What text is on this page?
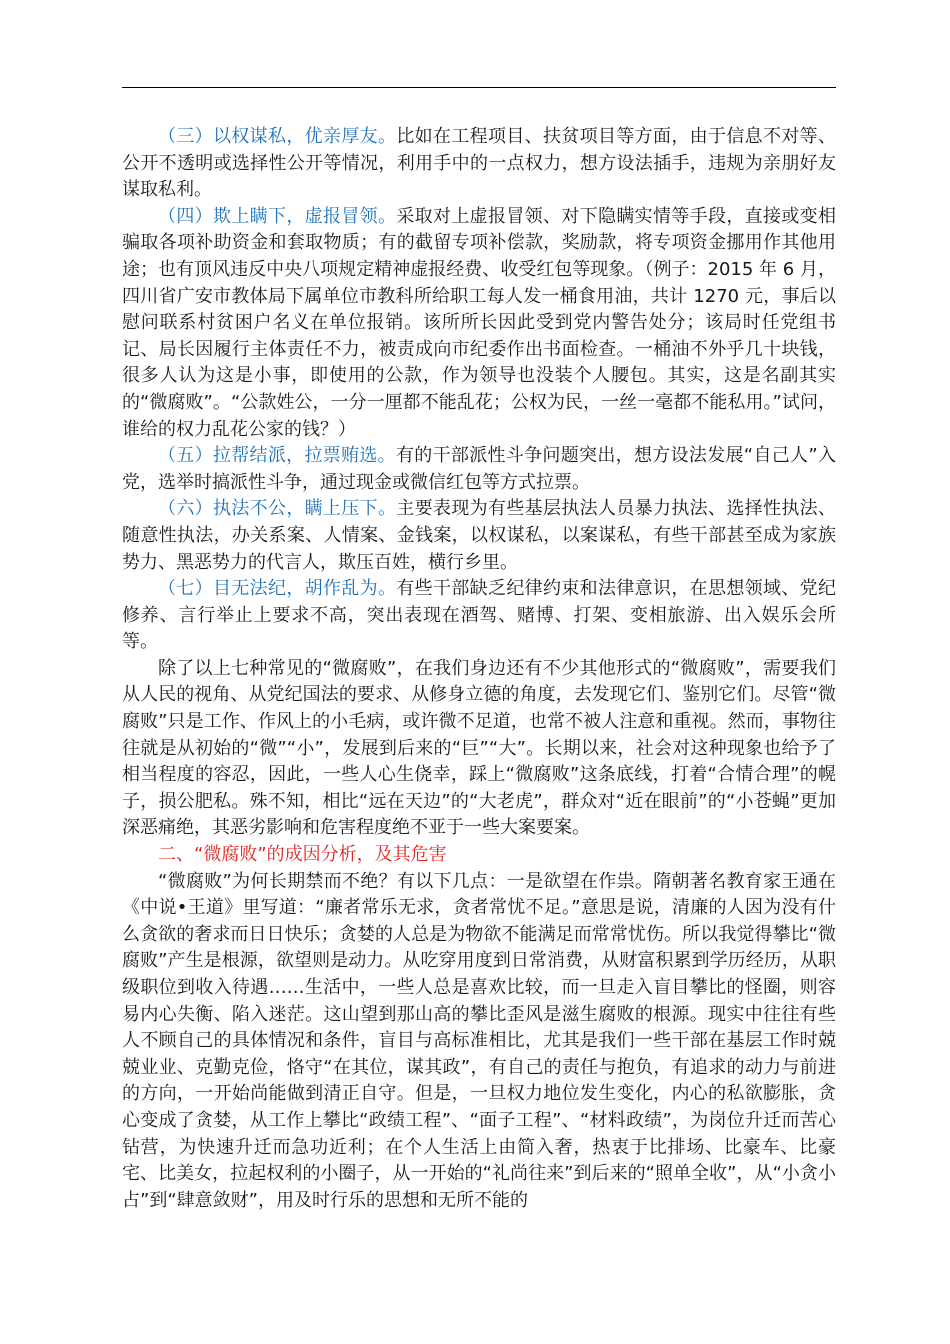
（三）以权谋私，优亲厚友。比如在工程项目、扶贫项目等方面，由于信息不对等、公开不透明或选择性公开等情况，利用手中的一点权力，想方设法插手，违规为亲朋好友谋取私利。

（四）欺上瞒下，虚报冒领。采取对上虚报冒领、对下隐瞒实情等手段，直接或变相骗取各项补助资金和套取物质；有的截留专项补偿款，奖励款，将专项资金挪用作其他用途；也有顶风违反中央八项规定精神虚报经费、收受红包等现象。（例子：2015 年 6 月，四川省广安市教体局下属单位市教科所给职工每人发一桶食用油，共计 1270 元，事后以慰问联系村贫困户名义在单位报销。该所所长因此受到党内警告处分；该局时任党组书记、局长因履行主体责任不力，被责成向市纪委作出书面检查。一桶油不外乎几十块钱，很多人认为这是小事，即使用的公款，作为领导也没装个人腰包。其实，这是名副其实的“微腐败”。“公款姓公，一分一厘都不能乱花；公权为民，一丝一毫都不能私用。”试问，谁给的权力乱花公家的钱？）

（五）拉帮结派，拉票贿选。有的干部派性斗争问题突出，想方设法发展“自己人”入党，选举时搞派性斗争，通过现金或微信红包等方式拉票。

（六）执法不公，瞒上压下。主要表现为有些基层执法人员暴力执法、选择性执法、随意性执法，办关系案、人情案、金钱案，以权谋私，以案谋私，有些干部甚至成为家族势力、黑恶势力的代言人，欺压百姓，横行乡里。

（七）目无法纪，胡作乱为。有些干部缺乏纪律约束和法律意识，在思想领域、党纪修养、言行举止上要求不高，突出表现在酒驾、赌博、打架、变相旅游、出入娱乐会所等。

除了以上七种常见的“微腐败”，在我们身边还有不少其他形式的“微腐败”，需要我们从人民的视角、从党纪国法的要求、从修身立德的角度，去发现它们、鉴别它们。尽管“微腐败”只是工作、作风上的小毛病，或许微不足道，也常不被人注意和重视。然而，事物往往就是从初始的“微”“小”，发展到后来的“巨”“大”。长期以来，社会对这种现象也给予了相当程度的容忍，因此，一些人心生侥幸，踩上“微腐败”这条底线，打着“合情合理”的幌子，损公肥私。殊不知，相比“远在天边”的“大老虎”，群众对“近在眼前”的“小苍蝇”更加深恶痛绝，其恶劣影响和危害程度绝不亚于一些大案要案。

二、“微腐败”的成因分析，及其危害

“微腐败”为何长期禁而不绝？有以下几点：一是欲望在作祟。隋朝著名教育家王通在《中说•王道》里写道：“廉者常乐无求，贪者常忧不足。”意思是说，清廉的人因为没有什么贪欲的奢求而日日快乐；贪婪的人总是为物欲不能满足而常常忧伤。所以我觉得攀比“微腐败”产生是根源，欲望则是动力。从吃穿用度到日常消费，从财富积累到学历经历，从职级职位到收入待遇……生活中，一些人总是喜欢比较，而一旦走入盲目攀比的怪圈，则容易内心失衡、陷入迷茫。这山望到那山高的攀比歪风是滋生腐败的根源。现实中往往有些人不顾自己的具体情况和条件，盲目与高标准相比，尤其是我们一些干部在基层工作时兢兢业业、克勤克俭，恪守“在其位，谋其政”，有自己的责任与抱负，有追求的动力与前进的方向，一开始尚能做到清正自守。但是，一旦权力地位发生变化，内心的私欲膨胀，贪心变成了贪婪，从工作上攀比“政绩工程”、“面子工程”、“材料政绩”，为岗位升迁而苦心钻营，为快速升迁而急功近利；在个人生活上由简入奢，热衷于比排场、比豪车、比豪宅、比美女，拉起权利的小圈子，从一开始的“礼尚往来”到后来的“照单全收”，从“小贪小占”到“肆意敛财”，用及时行乐的思想和无所不能的
